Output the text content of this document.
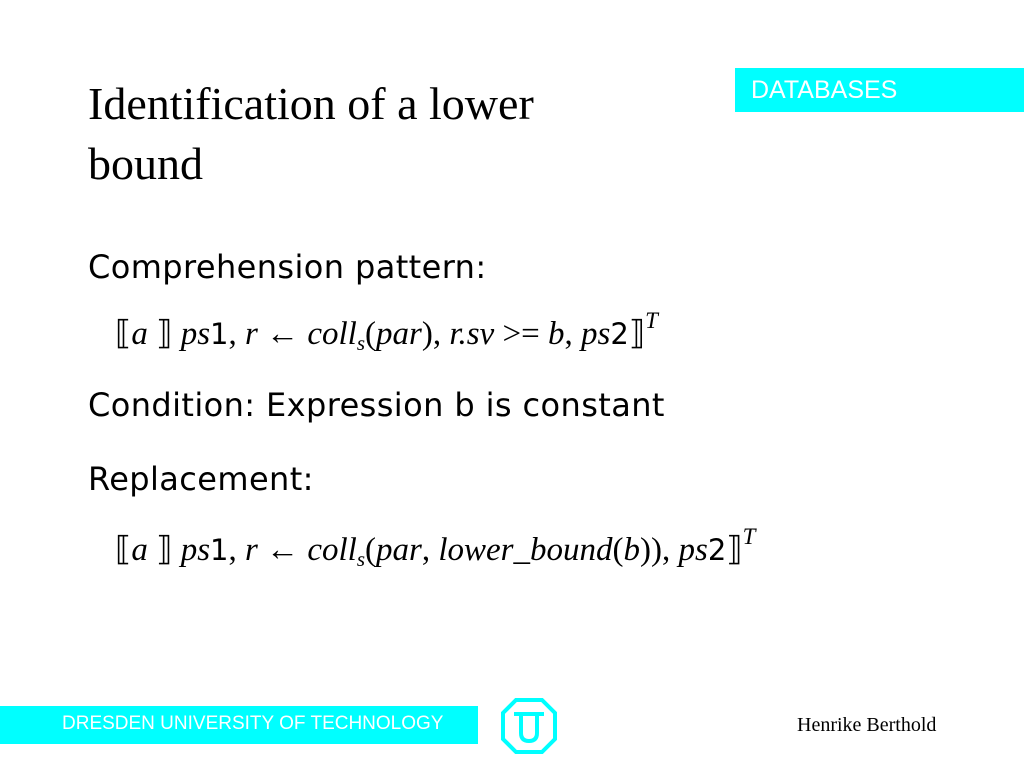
Identification of a lower bound
DATABASES
Comprehension pattern:
⟦a ⟧ ps1, r ← coll$_s$(par), r.sv >= b, ps2⟧$^T$
Condition: Expression b is constant
Replacement:
⟦a ⟧ ps1, r ← coll$_s$(par, lower_bound(b)), ps2⟧$^T$
DRESDEN UNIVERSITY OF TECHNOLOGY	Henrike Berthold
